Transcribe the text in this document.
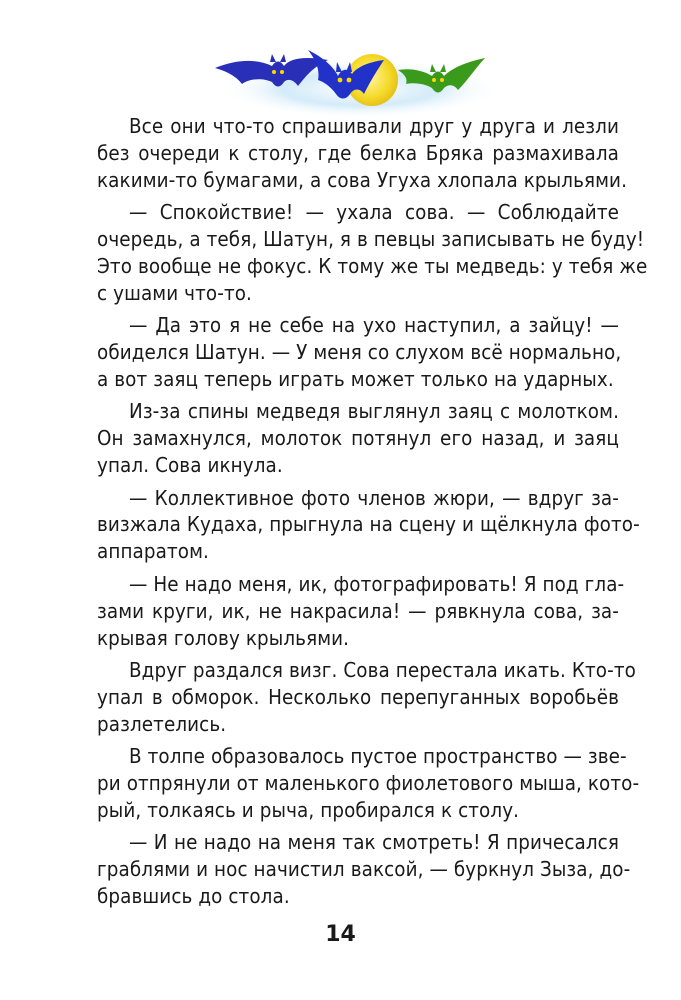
Все они что-то спрашивали друг у друга и лезли
без очереди к столу, где белка Бряка размахивала
какими-то бумагами, а сова Угуха хлопала крыльями.
— Спокойствие! — ухала сова. — Соблюдайте
очередь, а тебя, Шатун, я в певцы записывать не буду!
Это вообще не фокус. К тому же ты медведь: у тебя же
с ушами что-то.
— Да это я не себе на ухо наступил, а зайцу! —
обиделся Шатун. — У меня со слухом всё нормально,
а вот заяц теперь играть может только на ударных.
Из-за спины медведя выглянул заяц с молотком.
Он замахнулся, молоток потянул его назад, и заяц
упал. Сова икнула.
— Коллективное фото членов жюри, — вдруг за-
визжала Кудаха, прыгнула на сцену и щёлкнула фото-
аппаратом.
— Не надо меня, ик, фотографировать! Я под гла-
зами круги, ик, не накрасила! — рявкнула сова, за-
крывая голову крыльями.
Вдруг раздался визг. Сова перестала икать. Кто-то
упал в обморок. Несколько перепуганных воробьёв
разлетелись.
В толпе образовалось пустое пространство — зве-
ри отпрянули от маленького фиолетового мыша, кото-
рый, толкаясь и рыча, пробирался к столу.
— И не надо на меня так смотреть! Я причесался
граблями и нос начистил ваксой, — буркнул Зыза, до-
бравшись до стола.
14
